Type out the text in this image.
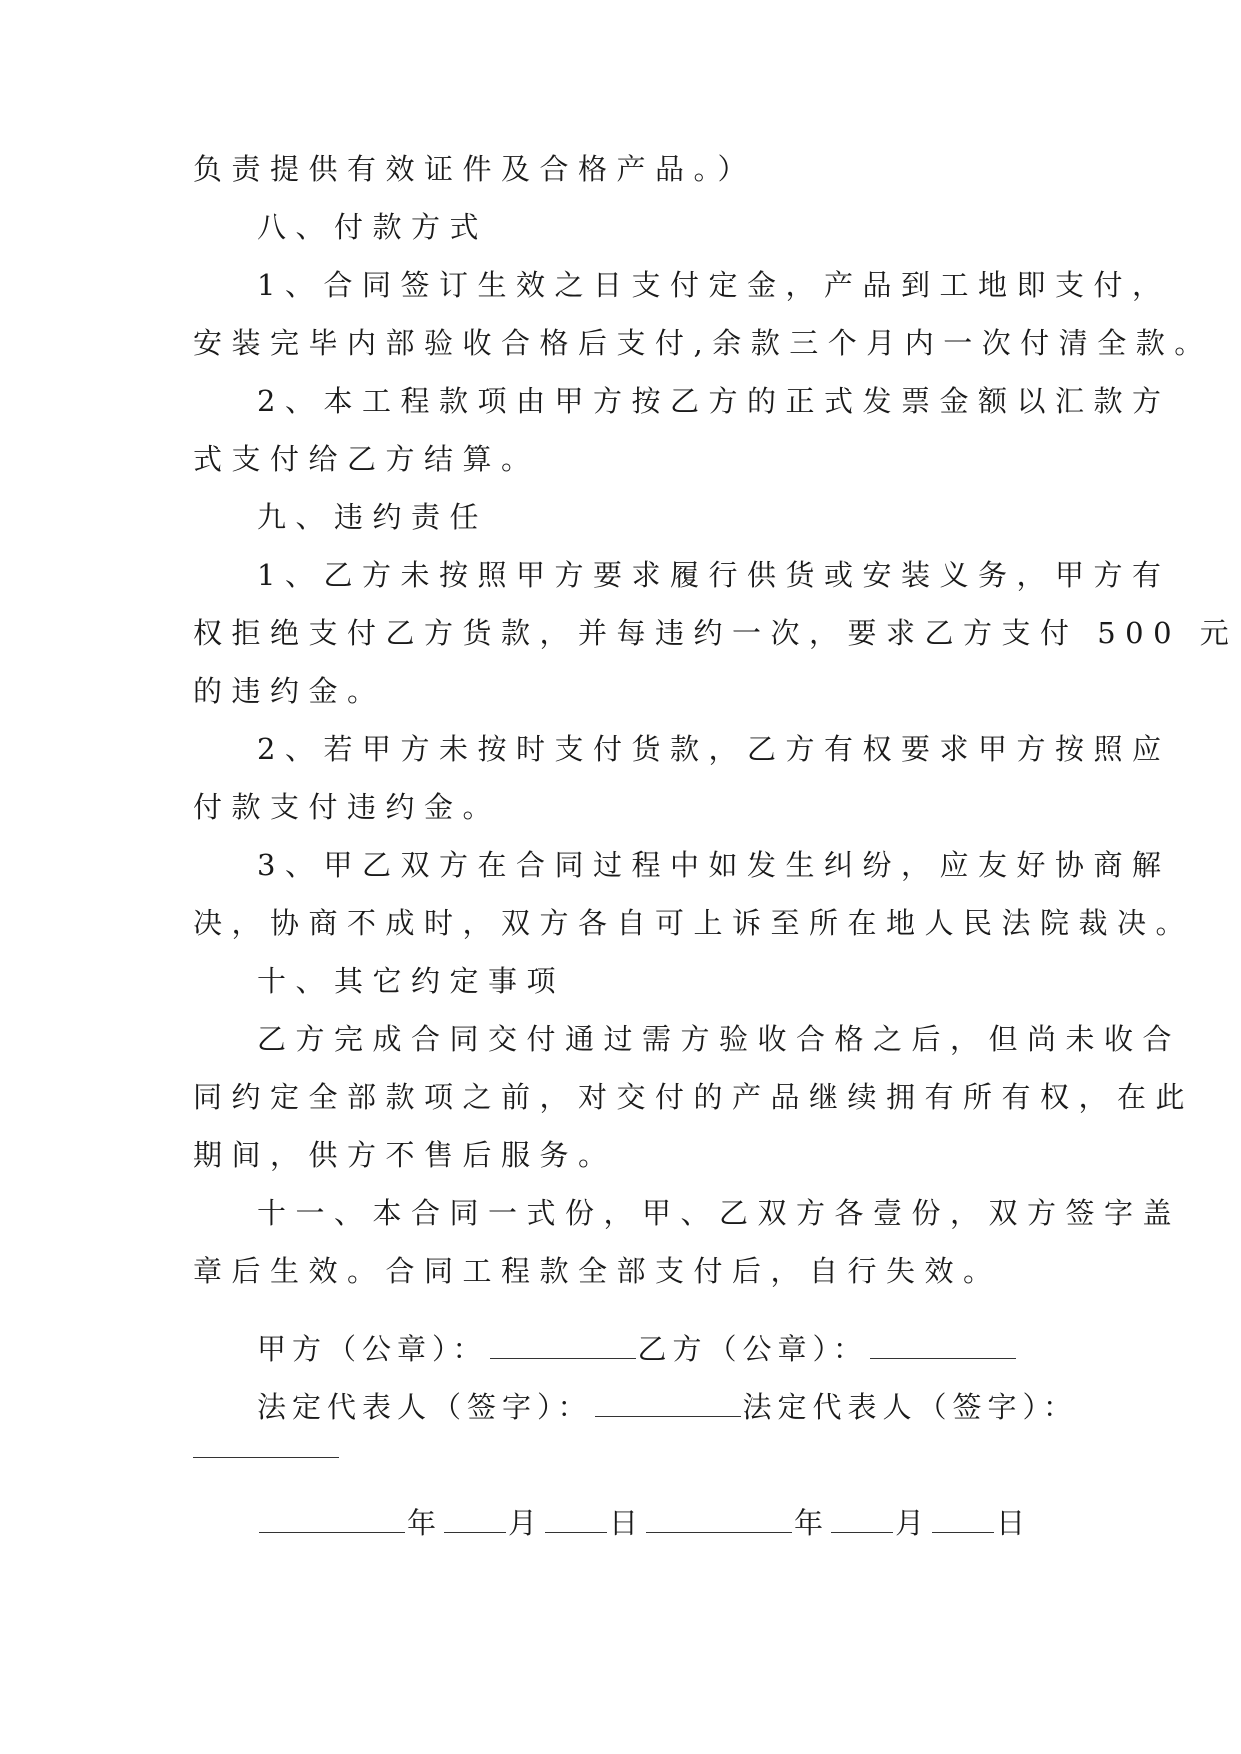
负责提供有效证件及合格产品。）
八、付款方式
1、合同签订生效之日支付定金，产品到工地即支付，
安装完毕内部验收合格后支付,余款三个月内一次付清全款。
2、本工程款项由甲方按乙方的正式发票金额以汇款方
式支付给乙方结算。
九、违约责任
1、乙方未按照甲方要求履行供货或安装义务，甲方有
权拒绝支付乙方货款，并每违约一次，要求乙方支付 500 元
的违约金。
2、若甲方未按时支付货款，乙方有权要求甲方按照应
付款支付违约金。
3、甲乙双方在合同过程中如发生纠纷，应友好协商解
决，协商不成时，双方各自可上诉至所在地人民法院裁决。
十、其它约定事项
乙方完成合同交付通过需方验收合格之后，但尚未收合
同约定全部款项之前，对交付的产品继续拥有所有权，在此
期间，供方不售后服务。
十一、本合同一式份，甲、乙双方各壹份，双方签字盖
章后生效。合同工程款全部支付后，自行失效。
甲方（公章）：	乙方（公章）：
法定代表人（签字）：	法定代表人（签字）：
年 月 日	年 月 日
